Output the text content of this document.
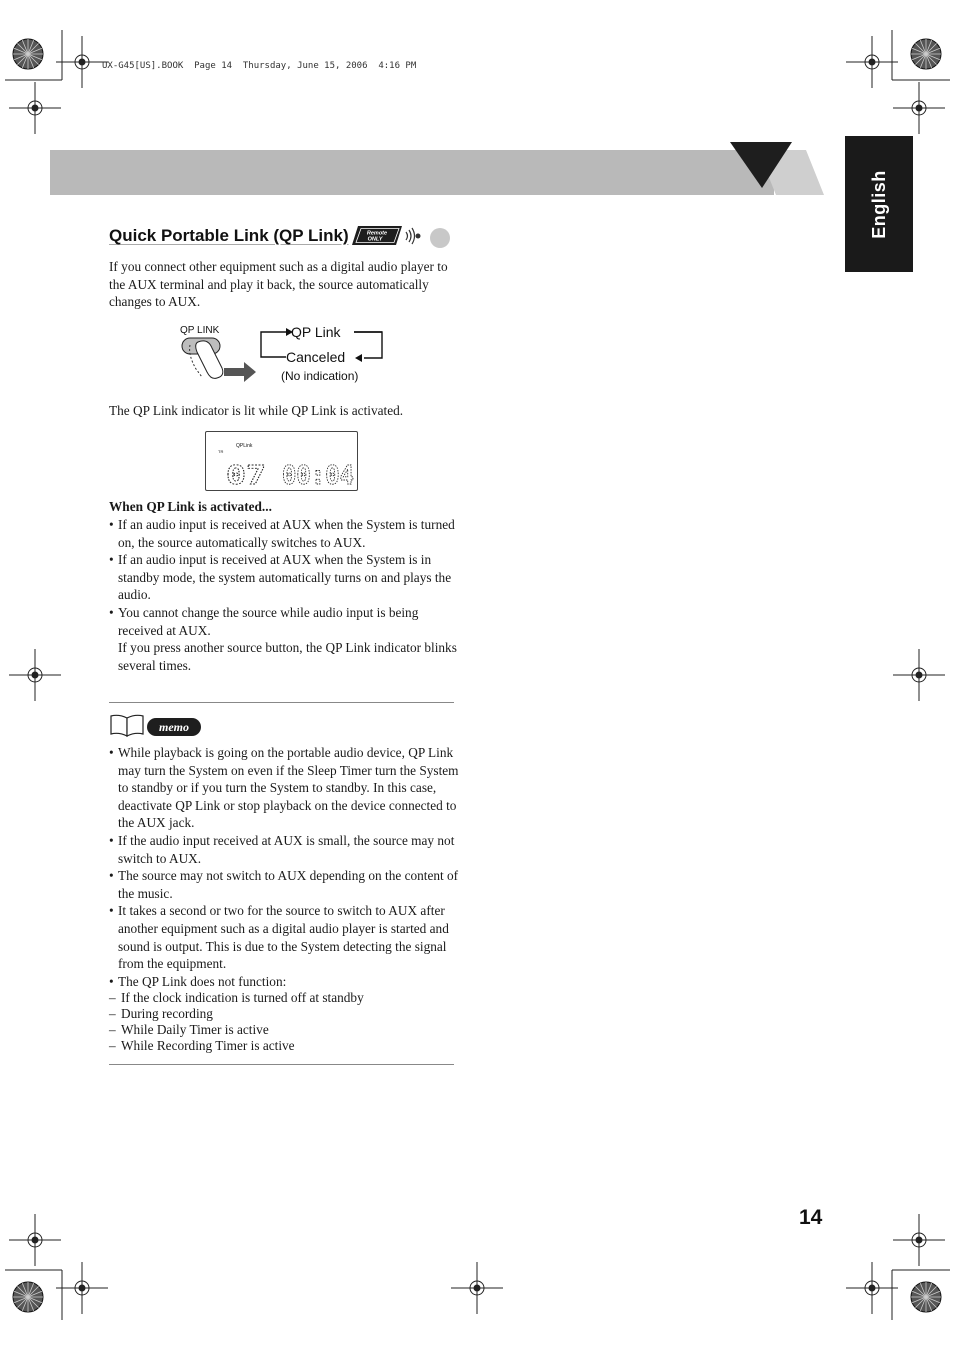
UX-G45[US].BOOK  Page 14  Thursday, June 15, 2006  4:16 PM
English
Quick Portable Link (QP Link)	Remote
ONLY

If you connect other equipment such as a digital audio player to the AUX terminal and play it back, the source automatically changes to AUX.

QP LINK	QP Link
Canceled
(No indication)

The QP Link indicator is lit while QP Link is activated.

QPLink
TR
07 00:04
When QP Link is activated...
• If an audio input is received at AUX when the System is turned on, the source automatically switches to AUX.
• If an audio input is received at AUX when the System is in standby mode, the system automatically turns on and plays the audio.
• You cannot change the source while audio input is being received at AUX.
If you press another source button, the QP Link indicator blinks several times.
memo
• While playback is going on the portable audio device, QP Link may turn the System on even if the Sleep Timer turn the System to standby or if you turn the System to standby. In this case, deactivate QP Link or stop playback on the device connected to the AUX jack.
• If the audio input received at AUX is small, the source may not switch to AUX.
• The source may not switch to AUX depending on the content of the music.
• It takes a second or two for the source to switch to AUX after another equipment such as a digital audio player is started and sound is output. This is due to the System detecting the signal from the equipment.
• The QP Link does not function:
– If the clock indication is turned off at standby
– During recording
– While Daily Timer is active
– While Recording Timer is active
14
